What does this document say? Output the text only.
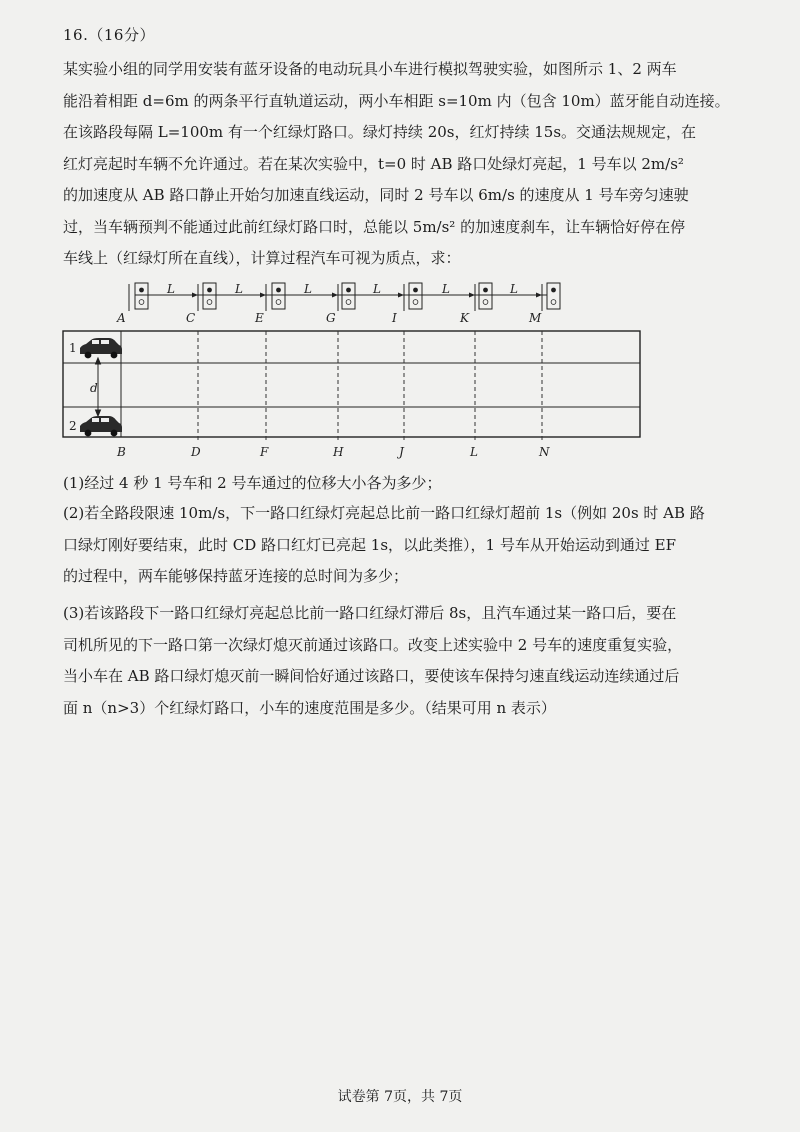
16.（16分）
某实验小组的同学用安装有蓝牙设备的电动玩具小车进行模拟驾驶实验，如图所示 1、2 两车
能沿着相距 d=6m 的两条平行直轨道运动，两小车相距 s=10m 内（包含 10m）蓝牙能自动连接。
在该路段每隔 L=100m 有一个红绿灯路口。绿灯持续 20s，红灯持续 15s。交通法规规定，在
红灯亮起时车辆不允许通过。若在某次实验中，t=0 时 AB 路口处绿灯亮起，1 号车以 2m/s²
的加速度从 AB 路口静止开始匀加速直线运动，同时 2 号车以 6m/s 的速度从 1 号车旁匀速驶
过，当车辆预判不能通过此前红绿灯路口时，总能以 5m/s² 的加速度刹车，让车辆恰好停在停
车线上（红绿灯所在直线），计算过程汽车可视为质点，求：
L	L	L	L	L	L
A	C	E	G	I	K	M
1
2
d
B	D	F	H	J	L	N
(1)经过 4 秒 1 号车和 2 号车通过的位移大小各为多少；
(2)若全路段限速 10m/s，下一路口红绿灯亮起总比前一路口红绿灯超前 1s（例如 20s 时 AB 路
口绿灯刚好要结束，此时 CD 路口红灯已亮起 1s，以此类推），1 号车从开始运动到通过 EF
的过程中，两车能够保持蓝牙连接的总时间为多少；
(3)若该路段下一路口红绿灯亮起总比前一路口红绿灯滞后 8s，且汽车通过某一路口后，要在
司机所见的下一路口第一次绿灯熄灭前通过该路口。改变上述实验中 2 号车的速度重复实验，
当小车在 AB 路口绿灯熄灭前一瞬间恰好通过该路口，要使该车保持匀速直线运动连续通过后
面 n（n>3）个红绿灯路口，小车的速度范围是多少。（结果可用 n 表示）
试卷第 7页，共 7页
